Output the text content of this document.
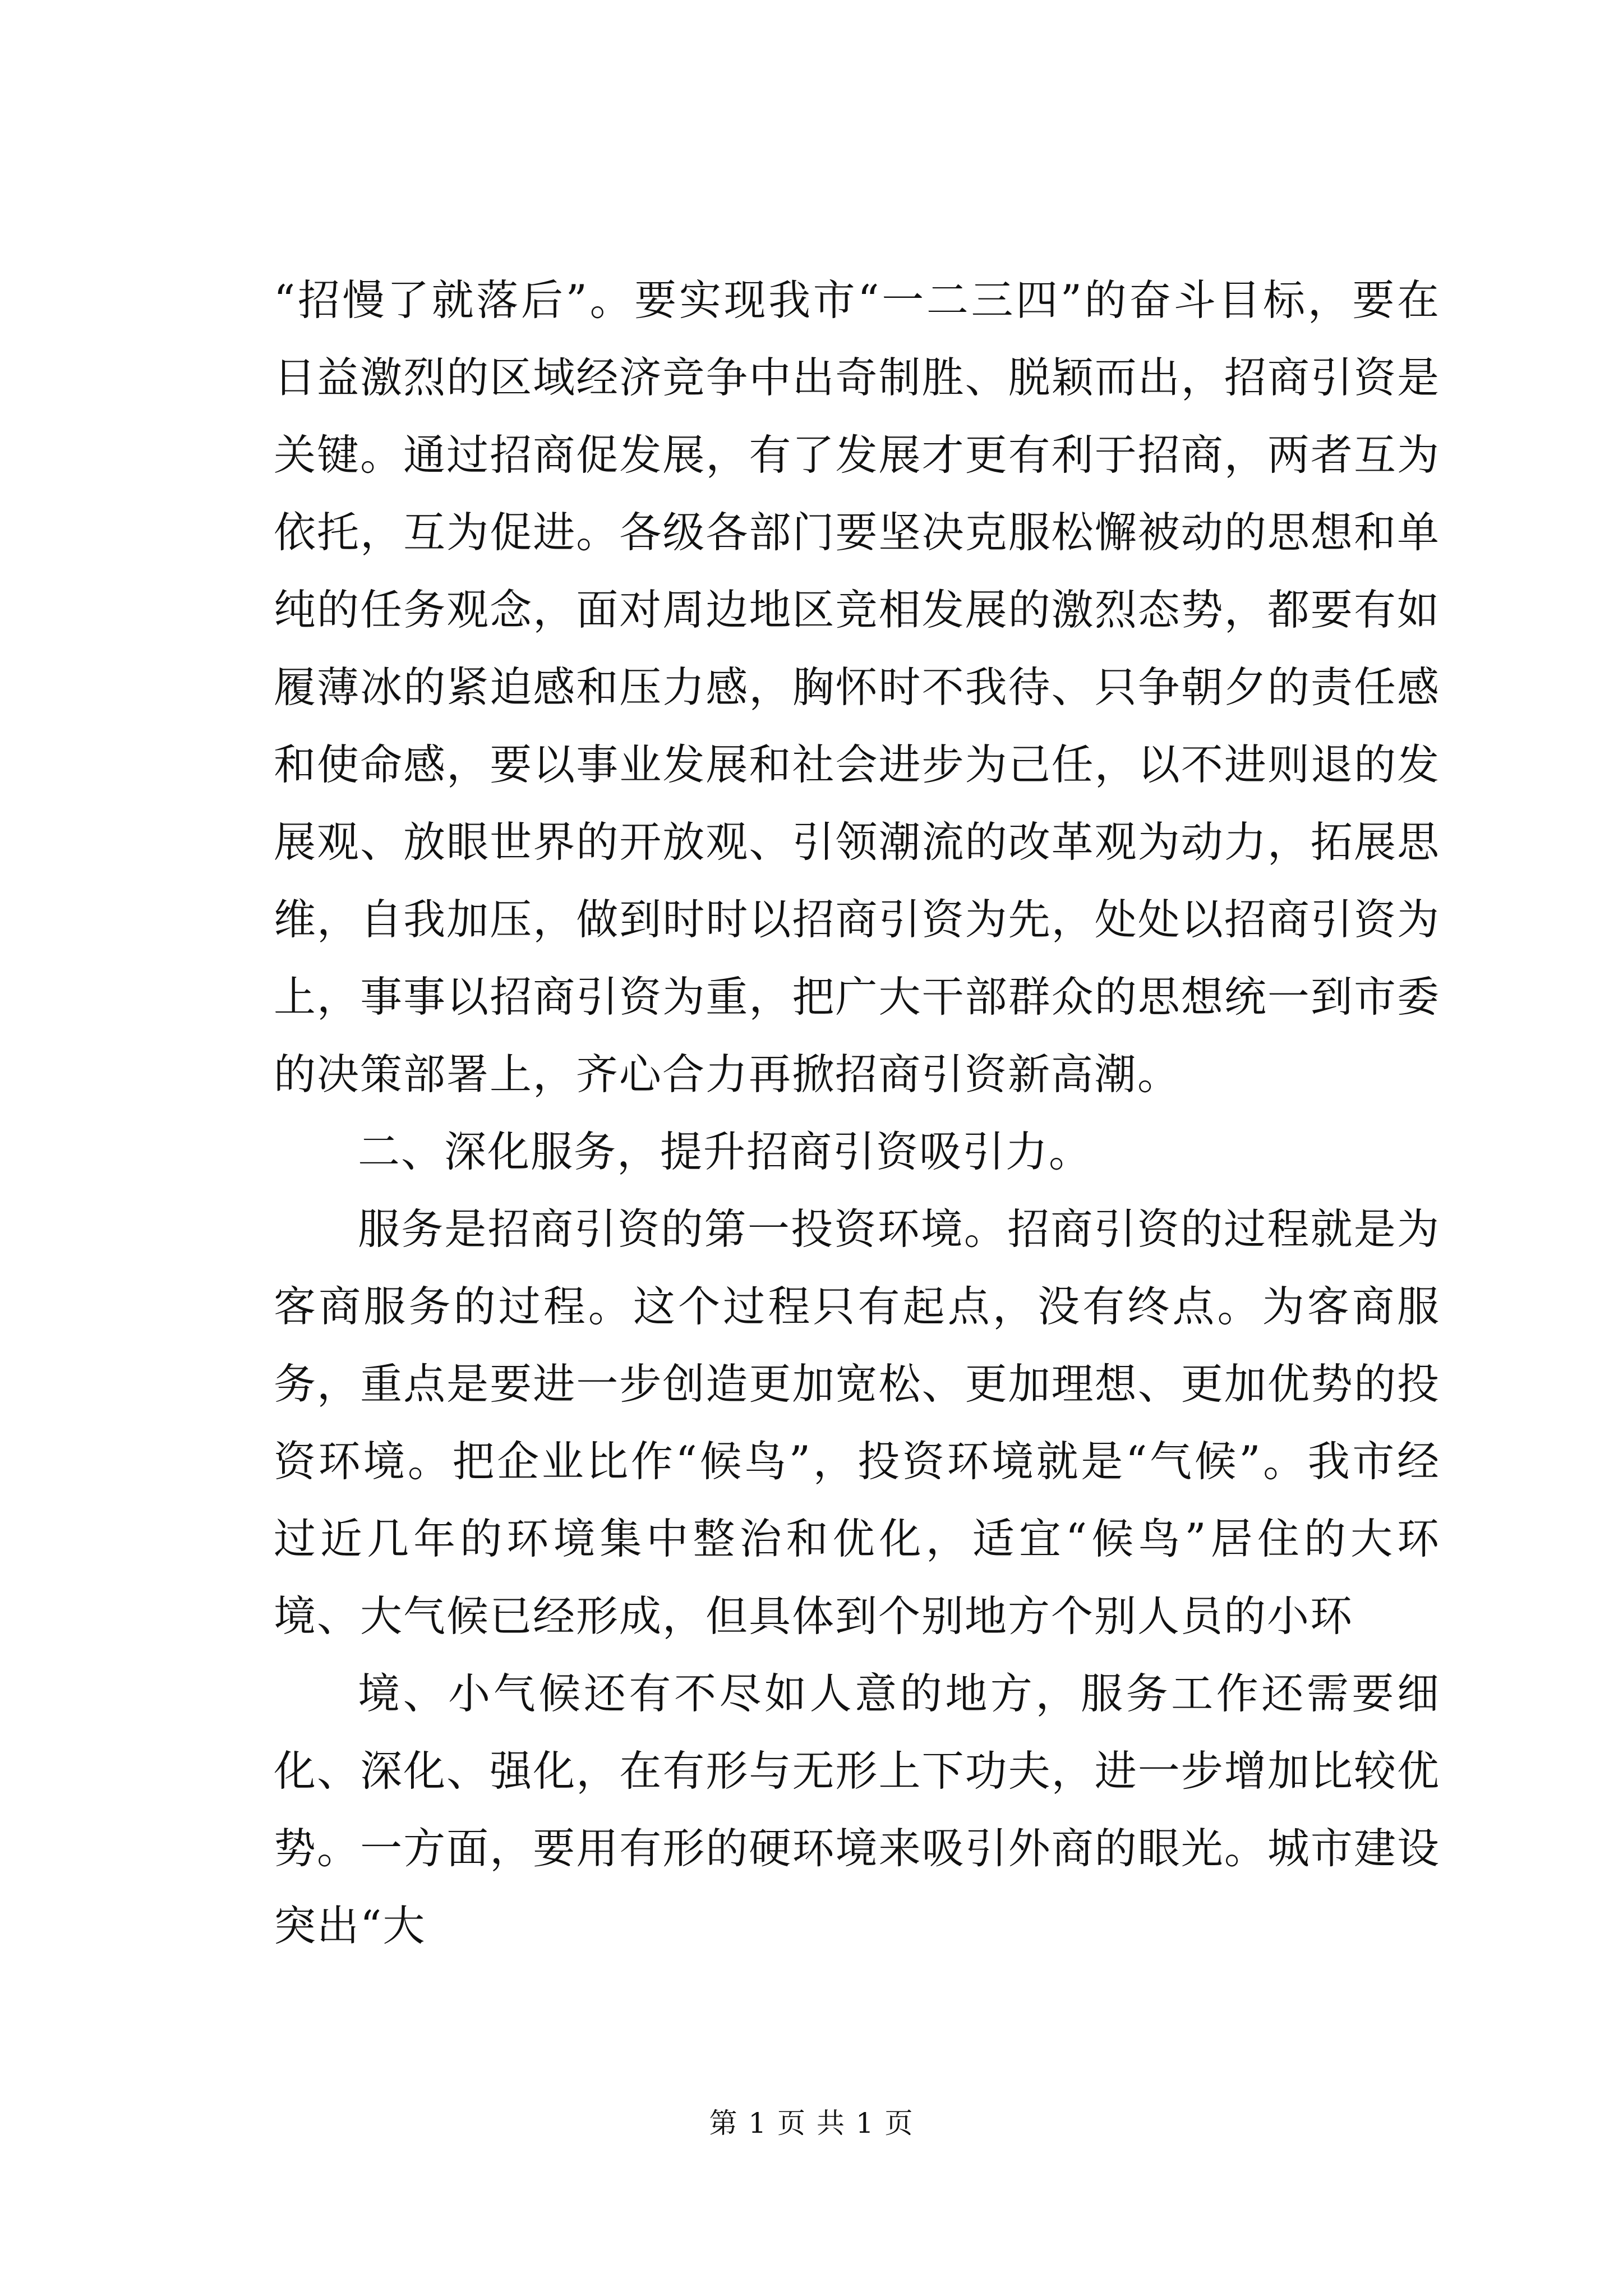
“招慢了就落后”。要实现我市“一二三四”的奋斗目标，要在日益激烈的区域经济竞争中出奇制胜、脱颖而出，招商引资是关键。通过招商促发展，有了发展才更有利于招商，两者互为依托，互为促进。各级各部门要坚决克服松懈被动的思想和单纯的任务观念，面对周边地区竞相发展的激烈态势，都要有如履薄冰的紧迫感和压力感，胸怀时不我待、只争朝夕的责任感和使命感，要以事业发展和社会进步为己任，以不进则退的发展观、放眼世界的开放观、引领潮流的改革观为动力，拓展思维，自我加压，做到时时以招商引资为先，处处以招商引资为上，事事以招商引资为重，把广大干部群众的思想统一到市委的决策部署上，齐心合力再掀招商引资新高潮。

二、深化服务，提升招商引资吸引力。

服务是招商引资的第一投资环境。招商引资的过程就是为客商服务的过程。这个过程只有起点，没有终点。为客商服务，重点是要进一步创造更加宽松、更加理想、更加优势的投资环境。把企业比作“候鸟”，投资环境就是“气候”。我市经过近几年的环境集中整治和优化，适宜“候鸟”居住的大环境、大气候已经形成，但具体到个别地方个别人员的小环

境、小气候还有不尽如人意的地方，服务工作还需要细化、深化、强化，在有形与无形上下功夫，进一步增加比较优势。一方面，要用有形的硬环境来吸引外商的眼光。城市建设突出“大

第 1 页 共 1 页
